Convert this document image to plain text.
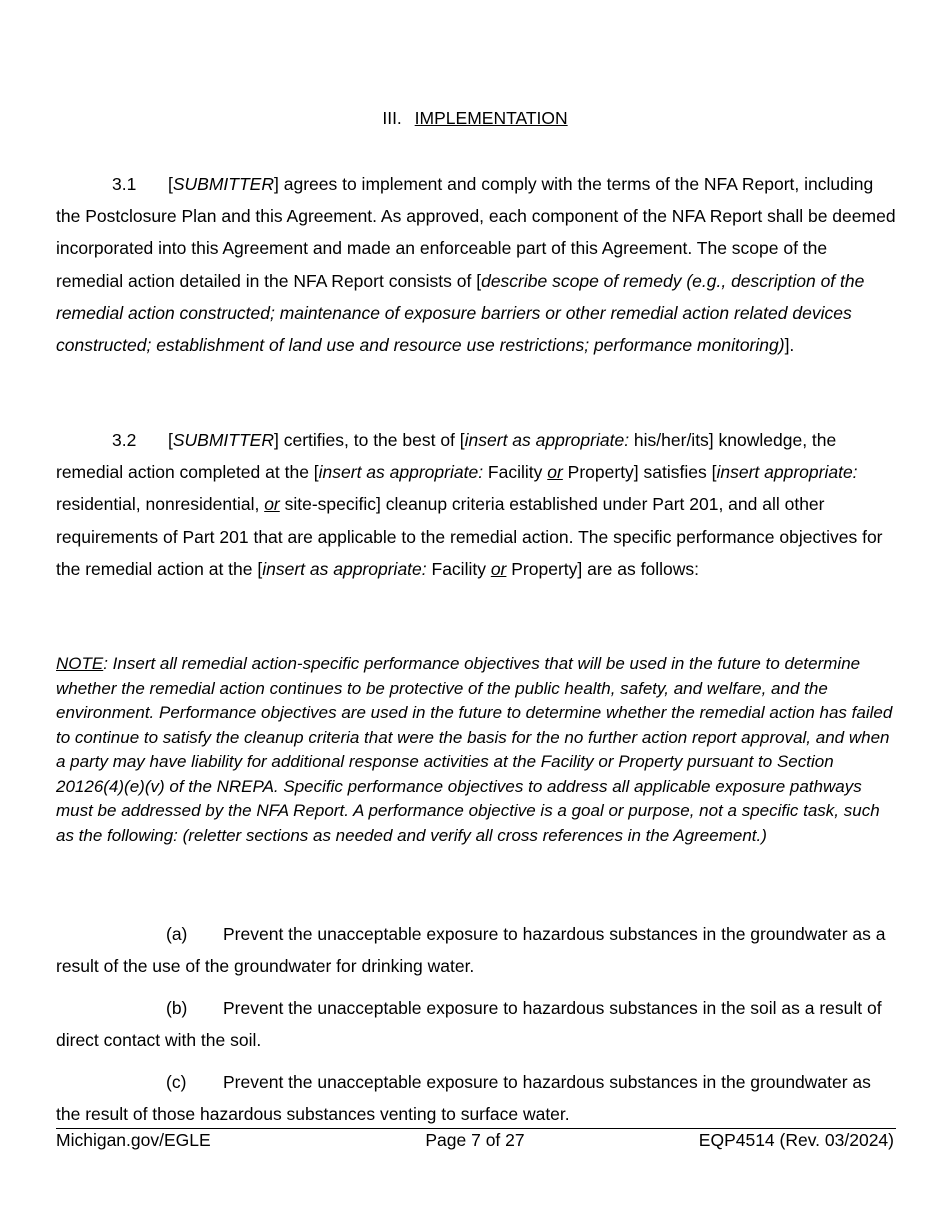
III. IMPLEMENTATION
3.1 [SUBMITTER] agrees to implement and comply with the terms of the NFA Report, including the Postclosure Plan and this Agreement. As approved, each component of the NFA Report shall be deemed incorporated into this Agreement and made an enforceable part of this Agreement. The scope of the remedial action detailed in the NFA Report consists of [describe scope of remedy (e.g., description of the remedial action constructed; maintenance of exposure barriers or other remedial action related devices constructed; establishment of land use and resource use restrictions; performance monitoring)].
3.2 [SUBMITTER] certifies, to the best of [insert as appropriate: his/her/its] knowledge, the remedial action completed at the [insert as appropriate: Facility or Property] satisfies [insert appropriate: residential, nonresidential, or site-specific] cleanup criteria established under Part 201, and all other requirements of Part 201 that are applicable to the remedial action. The specific performance objectives for the remedial action at the [insert as appropriate: Facility or Property] are as follows:
NOTE: Insert all remedial action-specific performance objectives that will be used in the future to determine whether the remedial action continues to be protective of the public health, safety, and welfare, and the environment. Performance objectives are used in the future to determine whether the remedial action has failed to continue to satisfy the cleanup criteria that were the basis for the no further action report approval, and when a party may have liability for additional response activities at the Facility or Property pursuant to Section 20126(4)(e)(v) of the NREPA. Specific performance objectives to address all applicable exposure pathways must be addressed by the NFA Report. A performance objective is a goal or purpose, not a specific task, such as the following: (reletter sections as needed and verify all cross references in the Agreement.)
(a) Prevent the unacceptable exposure to hazardous substances in the groundwater as a result of the use of the groundwater for drinking water.
(b) Prevent the unacceptable exposure to hazardous substances in the soil as a result of direct contact with the soil.
(c) Prevent the unacceptable exposure to hazardous substances in the groundwater as the result of those hazardous substances venting to surface water.
Michigan.gov/EGLE	Page 7 of 27	EQP4514 (Rev. 03/2024)
